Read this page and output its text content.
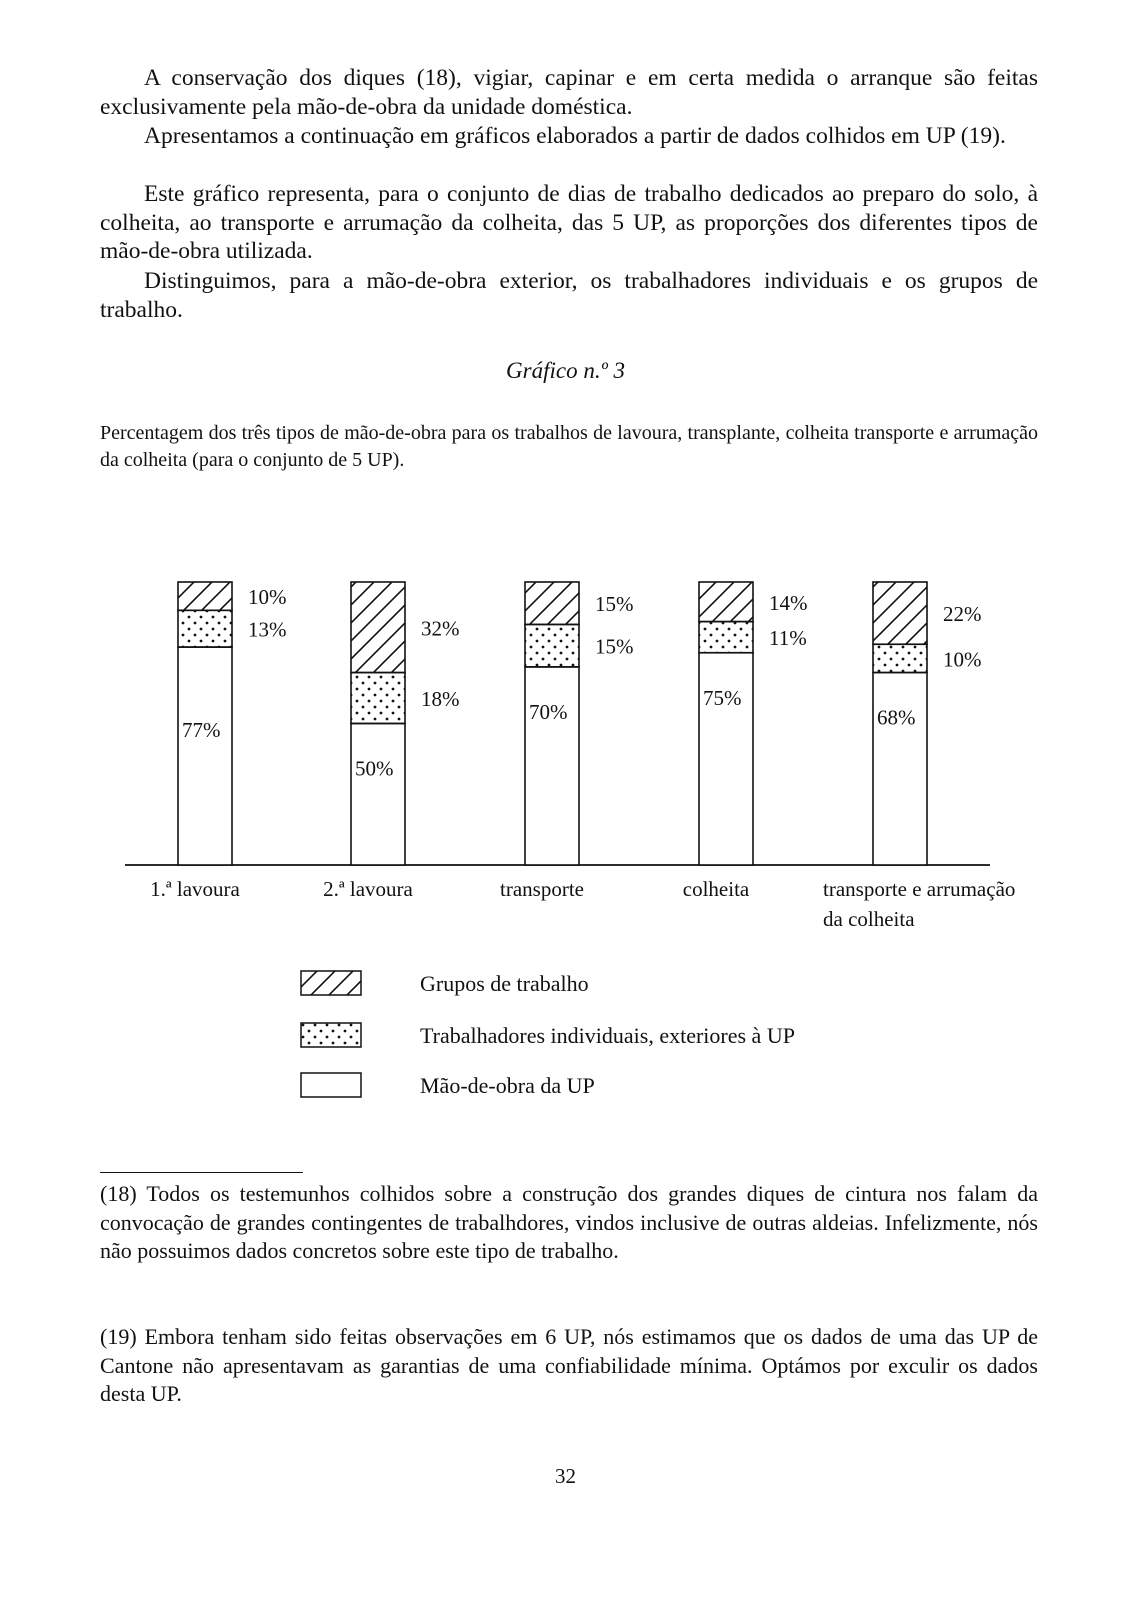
A conservação dos diques (18), vigiar, capinar e em certa medida o arranque são feitas exclusivamente pela mão-de-obra da unidade doméstica.

Apresentamos a continuação em gráficos elaborados a partir de dados colhidos em UP (19).

Este gráfico representa, para o conjunto de dias de trabalho dedicados ao preparo do solo, à colheita, ao transporte e arrumação da colheita, das 5 UP, as proporções dos diferentes tipos de mão-de-obra utilizada.

Distinguimos, para a mão-de-obra exterior, os trabalhadores individuais e os grupos de trabalho.

Gráfico n.º 3

Percentagem dos três tipos de mão-de-obra para os trabalhos de lavoura, transplante, colheita transporte e arrumação da colheita (para o conjunto de 5 UP).

77%
13%
10%
1.ª lavoura
50%
18%
32%
2.ª lavoura
70%
15%
15%
transporte
75%
11%
14%
colheita
68%
10%
22%
transporte e arrumação
da colheita
Grupos de trabalho
Trabalhadores individuais, exteriores à UP
Mão-de-obra da UP

(18) Todos os testemunhos colhidos sobre a construção dos grandes diques de cintura nos falam da convocação de grandes contingentes de trabalhdores, vindos inclusive de outras aldeias. Infelizmente, nós não possuimos dados concretos sobre este tipo de trabalho.

(19) Embora tenham sido feitas observações em 6 UP, nós estimamos que os dados de uma das UP de Cantone não apresentavam as garantias de uma confiabilidade mínima. Optámos por exculir os dados desta UP.

32
